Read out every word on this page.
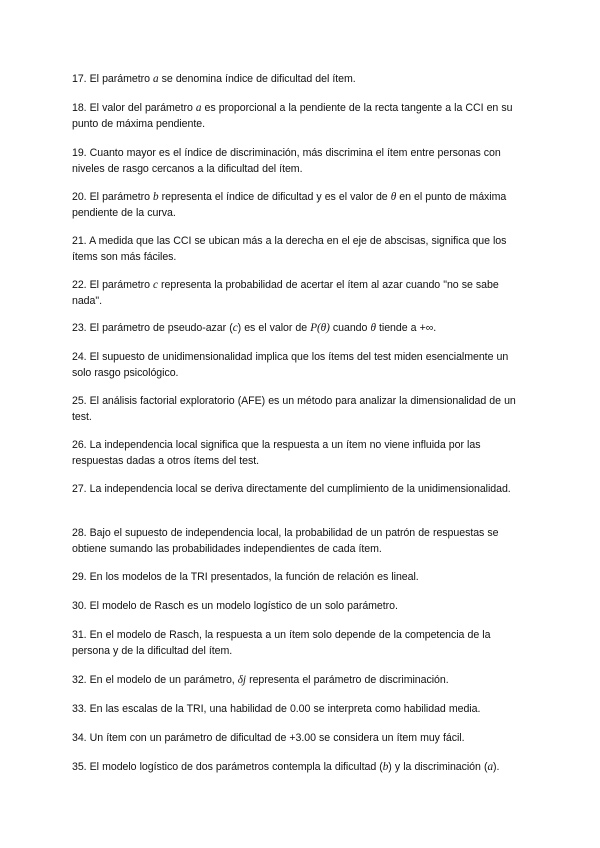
17. El parámetro a se denomina índice de dificultad del ítem.

18. El valor del parámetro a es proporcional a la pendiente de la recta tangente a la CCI en su punto de máxima pendiente.

19. Cuanto mayor es el índice de discriminación, más discrimina el ítem entre personas con niveles de rasgo cercanos a la dificultad del ítem.

20. El parámetro b representa el índice de dificultad y es el valor de θ en el punto de máxima pendiente de la curva.

21. A medida que las CCI se ubican más a la derecha en el eje de abscisas, significa que los ítems son más fáciles.

22. El parámetro c representa la probabilidad de acertar el ítem al azar cuando "no se sabe nada".

23. El parámetro de pseudo-azar (c) es el valor de P(θ) cuando θ tiende a +∞.

24. El supuesto de unidimensionalidad implica que los ítems del test miden esencialmente un solo rasgo psicológico.

25. El análisis factorial exploratorio (AFE) es un método para analizar la dimensionalidad de un test.

26. La independencia local significa que la respuesta a un ítem no viene influida por las respuestas dadas a otros ítems del test.

27. La independencia local se deriva directamente del cumplimiento de la unidimensionalidad.

28. Bajo el supuesto de independencia local, la probabilidad de un patrón de respuestas se obtiene sumando las probabilidades independientes de cada ítem.

29. En los modelos de la TRI presentados, la función de relación es lineal.

30. El modelo de Rasch es un modelo logístico de un solo parámetro.

31. En el modelo de Rasch, la respuesta a un ítem solo depende de la competencia de la persona y de la dificultad del ítem.

32. En el modelo de un parámetro, δj representa el parámetro de discriminación.

33. En las escalas de la TRI, una habilidad de 0.00 se interpreta como habilidad media.

34. Un ítem con un parámetro de dificultad de +3.00 se considera un ítem muy fácil.

35. El modelo logístico de dos parámetros contempla la dificultad (b) y la discriminación (a).
